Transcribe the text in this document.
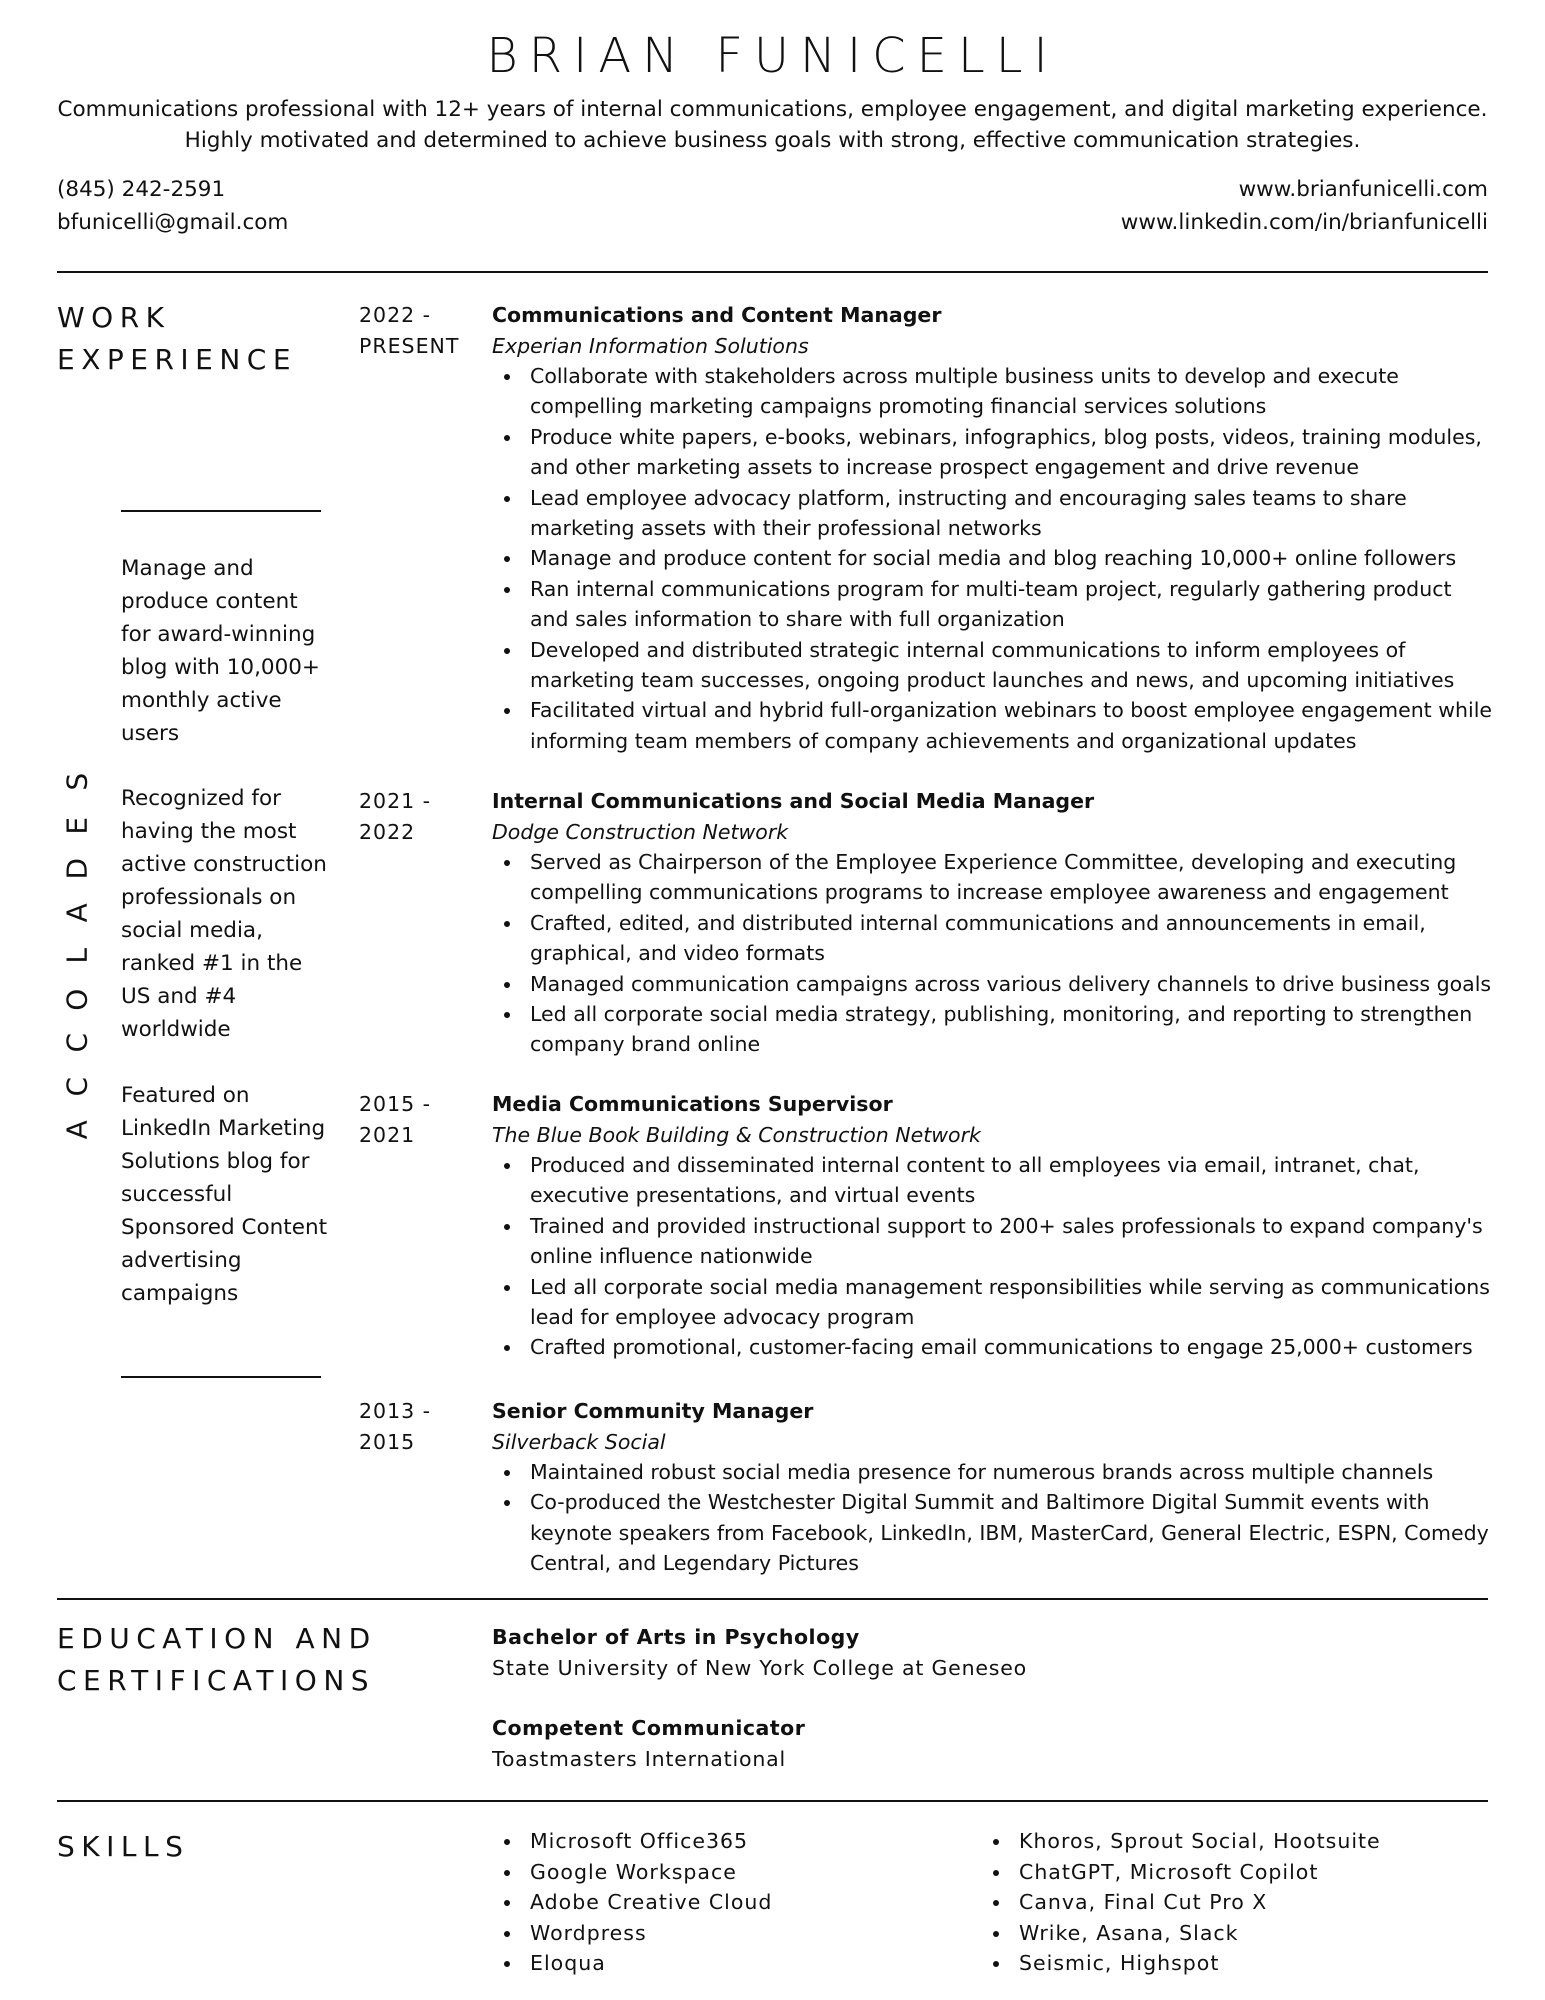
BRIAN FUNICELLI
Communications professional with 12+ years of internal communications, employee engagement, and digital marketing experience.
Highly motivated and determined to achieve business goals with strong, effective communication strategies.
(845) 242-2591
bfunicelli@gmail.com
www.brianfunicelli.com
www.linkedin.com/in/brianfunicelli
WORK
EXPERIENCE
S
E
D
A
L
O
C
C
A
Manage and produce content for award-winning blog with 10,000+ monthly active users
Recognized for having the most active construction professionals on social media, ranked #1 in the US and #4 worldwide
Featured on LinkedIn Marketing Solutions blog for successful Sponsored Content advertising campaigns
2022 -
PRESENT
Communications and Content Manager
Experian Information Solutions
Collaborate with stakeholders across multiple business units to develop and execute compelling marketing campaigns promoting financial services solutions
Produce white papers, e-books, webinars, infographics, blog posts, videos, training modules, and other marketing assets to increase prospect engagement and drive revenue
Lead employee advocacy platform, instructing and encouraging sales teams to share marketing assets with their professional networks
Manage and produce content for social media and blog reaching 10,000+ online followers
Ran internal communications program for multi-team project, regularly gathering product and sales information to share with full organization
Developed and distributed strategic internal communications to inform employees of marketing team successes, ongoing product launches and news, and upcoming initiatives
Facilitated virtual and hybrid full-organization webinars to boost employee engagement while informing team members of company achievements and organizational updates
2021 -
2022
Internal Communications and Social Media Manager
Dodge Construction Network
Served as Chairperson of the Employee Experience Committee, developing and executing compelling communications programs to increase employee awareness and engagement
Crafted, edited, and distributed internal communications and announcements in email, graphical, and video formats
Managed communication campaigns across various delivery channels to drive business goals
Led all corporate social media strategy, publishing, monitoring, and reporting to strengthen company brand online
2015 -
2021
Media Communications Supervisor
The Blue Book Building & Construction Network
Produced and disseminated internal content to all employees via email, intranet, chat, executive presentations, and virtual events
Trained and provided instructional support to 200+ sales professionals to expand company's online influence nationwide
Led all corporate social media management responsibilities while serving as communications lead for employee advocacy program
Crafted promotional, customer-facing email communications to engage 25,000+ customers
2013 -
2015
Senior Community Manager
Silverback Social
Maintained robust social media presence for numerous brands across multiple channels
Co-produced the Westchester Digital Summit and Baltimore Digital Summit events with keynote speakers from Facebook, LinkedIn, IBM, MasterCard, General Electric, ESPN, Comedy Central, and Legendary Pictures
EDUCATION AND
CERTIFICATIONS
Bachelor of Arts in Psychology
State University of New York College at Geneseo
Competent Communicator
Toastmasters International
SKILLS	Microsoft Office365
Google Workspace
Adobe Creative Cloud
Wordpress
Eloqua
Khoros, Sprout Social, Hootsuite
ChatGPT, Microsoft Copilot
Canva, Final Cut Pro X
Wrike, Asana, Slack
Seismic, Highspot
